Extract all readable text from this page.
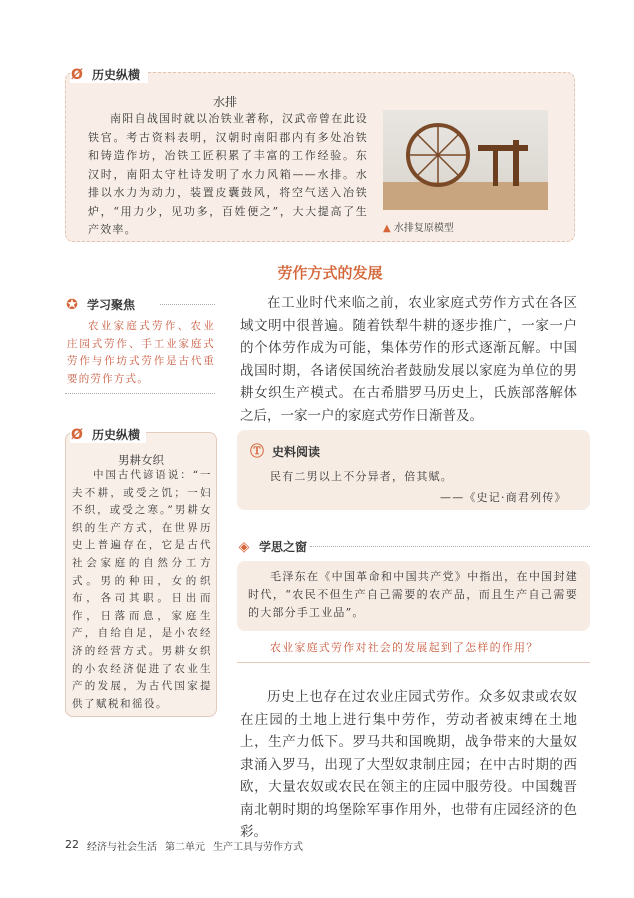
Ø 历史纵横
水排
南阳自战国时就以冶铁业著称，汉武帝曾在此设铁官。考古资料表明，汉朝时南阳郡内有多处冶铁和铸造作坊，冶铁工匠积累了丰富的工作经验。东汉时，南阳太守杜诗发明了水力风箱——水排。水排以水力为动力，装置皮囊鼓风，将空气送入冶铁炉，“用力少，见功多，百姓便之”，大大提高了生产效率。	▲ 水排复原模型
劳作方式的发展
✪ 学习聚焦
农业家庭式劳作、农业庄园式劳作、手工业家庭式劳作与作坊式劳作是古代重要的劳作方式。
在工业时代来临之前，农业家庭式劳作方式在各区域文明中很普遍。随着铁犁牛耕的逐步推广，一家一户的个体劳作成为可能，集体劳作的形式逐渐瓦解。中国战国时期，各诸侯国统治者鼓励发展以家庭为单位的男耕女织生产模式。在古希腊罗马历史上，氏族部落解体之后，一家一户的家庭式劳作日渐普及。
Ø 历史纵横
男耕女织
中国古代谚语说：“一夫不耕，或受之饥；一妇不织，或受之寒。”男耕女织的生产方式，在世界历史上普遍存在，它是古代社会家庭的自然分工方式。男的种田，女的织布，各司其职。日出而作，日落而息，家庭生产，自给自足，是小农经济的经营方式。男耕女织的小农经济促进了农业生产的发展，为古代国家提供了赋税和徭役。
Ⓣ 史料阅读
民有二男以上不分异者，倍其赋。
——《史记·商君列传》
◈ 学思之窗
毛泽东在《中国革命和中国共产党》中指出，在中国封建时代，“农民不但生产自己需要的农产品，而且生产自己需要的大部分手工业品”。
农业家庭式劳作对社会的发展起到了怎样的作用？
历史上也存在过农业庄园式劳作。众多奴隶或农奴在庄园的土地上进行集中劳作，劳动者被束缚在土地上，生产力低下。罗马共和国晚期，战争带来的大量奴隶涌入罗马，出现了大型奴隶制庄园；在中古时期的西欧，大量农奴或农民在领主的庄园中服劳役。中国魏晋南北朝时期的坞堡除军事作用外，也带有庄园经济的色彩。
22 经济与社会生活 第二单元 生产工具与劳作方式
